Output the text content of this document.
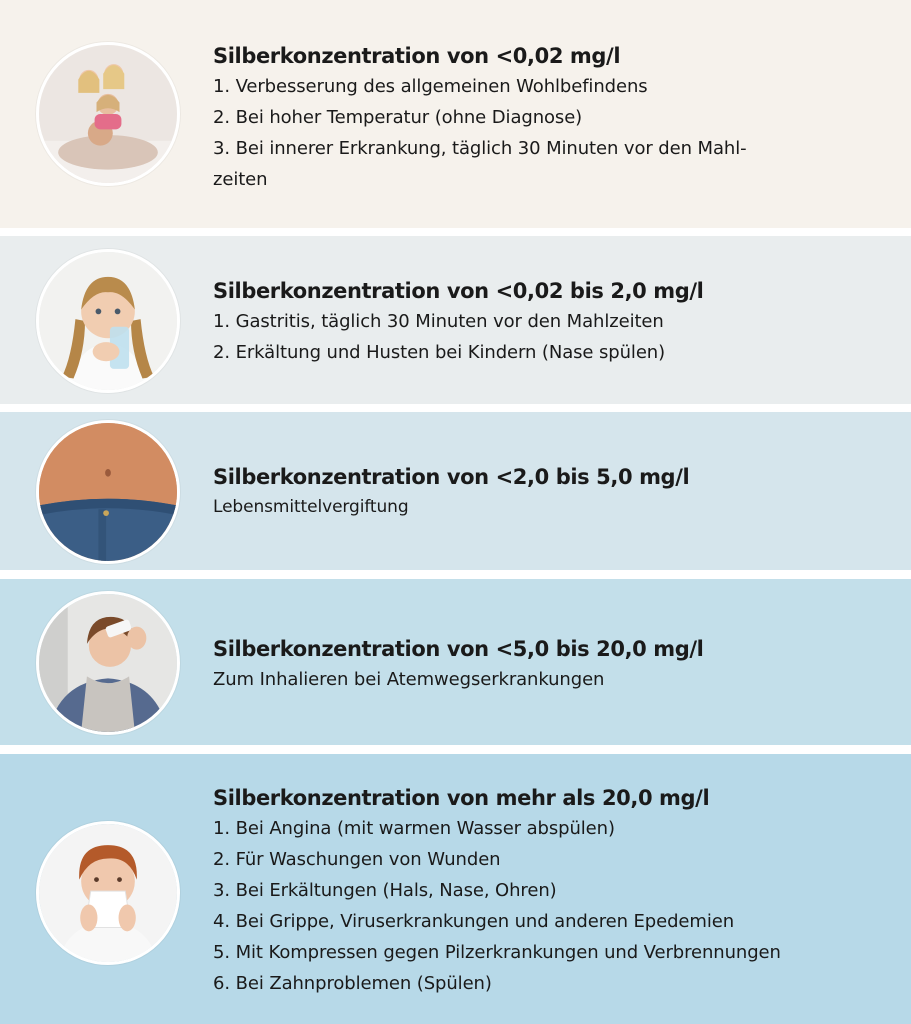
Silberkonzentration von <0,02 mg/l
1. Verbesserung des allgemeinen Wohlbefindens
2. Bei hoher Temperatur (ohne Diagnose)
3. Bei innerer Erkrankung, täglich 30 Minuten vor den Mahl-
zeiten
Silberkonzentration von <0,02 bis 2,0 mg/l
1. Gastritis, täglich 30 Minuten vor den Mahlzeiten
2. Erkältung und Husten bei Kindern (Nase spülen)
Silberkonzentration von <2,0 bis 5,0 mg/l
Lebensmittelvergiftung
Silberkonzentration von <5,0 bis 20,0 mg/l
Zum Inhalieren bei Atemwegserkrankungen
Silberkonzentration von mehr als 20,0 mg/l
1. Bei Angina (mit warmen Wasser abspülen)
2. Für Waschungen von Wunden
3. Bei Erkältungen (Hals, Nase, Ohren)
4. Bei Grippe, Viruserkrankungen und anderen Epedemien
5. Mit Kompressen gegen Pilzerkrankungen und Verbrennungen
6. Bei Zahnproblemen (Spülen)
